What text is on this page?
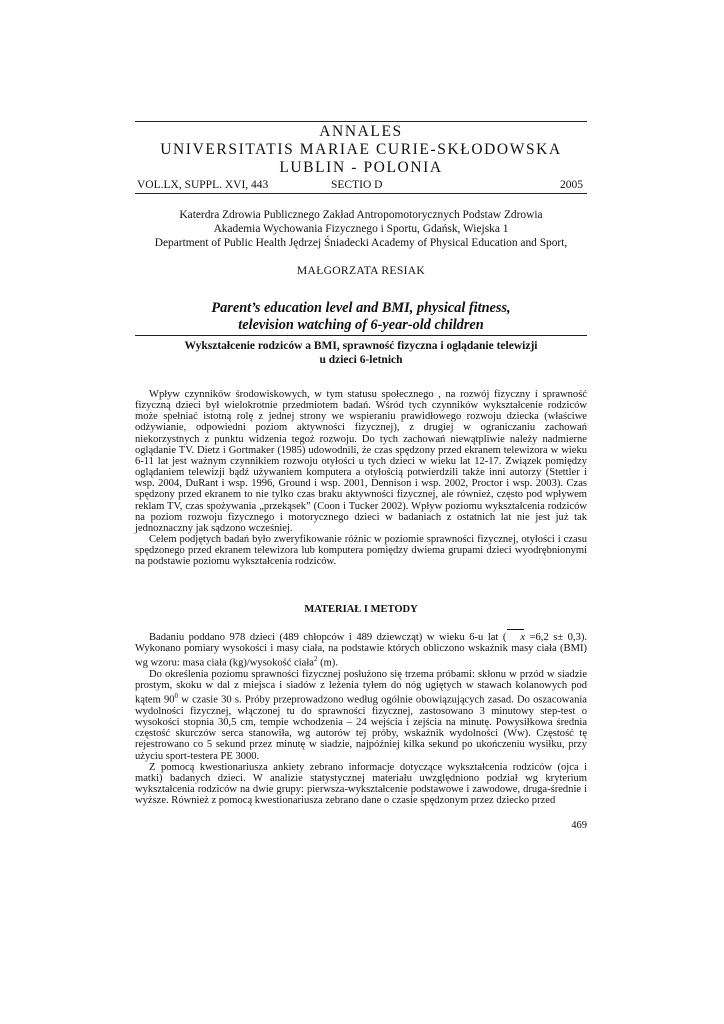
ANNALES
UNIVERSITATIS MARIAE CURIE-SKŁODOWSKA
LUBLIN - POLONIA
VOL.LX, SUPPL. XVI, 443	SECTIO D	2005
Katerdra Zdrowia Publicznego Zakład Antropomotorycznych Podstaw Zdrowia
Akademia Wychowania Fizycznego i Sportu, Gdańsk, Wiejska 1
Department of Public Health Jędrzej Śniadecki Academy of Physical Education and Sport,
MAŁGORZATA RESIAK
Parent’s education level and BMI, physical fitness,
television watching of 6-year-old children
Wykształcenie rodziców a BMI, sprawność fizyczna i oglądanie telewizji
u dzieci 6-letnich

Wpływ czynników środowiskowych, w tym statusu społecznego , na rozwój fizyczny i sprawność fizyczną dzieci był wielokrotnie przedmiotem badań. Wśród tych czynników wykształcenie rodziców może spełniać istotną rolę z jednej strony we wspieraniu prawidłowego rozwoju dziecka (właściwe odżywianie, odpowiedni poziom aktywności fizycznej), z drugiej w ograniczaniu zachowań niekorzystnych z punktu widzenia tegoż rozwoju. Do tych zachowań niewątpliwie należy nadmierne oglądanie TV. Dietz i Gortmaker (1985) udowodnili, że czas spędzony przed ekranem telewizora w wieku 6-11 lat jest ważnym czynnikiem rozwoju otyłości u tych dzieci w wieku lat 12-17. Związek pomiędzy oglądaniem telewizji bądź używaniem komputera a otyłością potwierdzili także inni autorzy (Stettler i wsp. 2004, DuRant i wsp. 1996, Ground i wsp. 2001, Dennison i wsp. 2002, Proctor i wsp. 2003). Czas spędzony przed ekranem to nie tylko czas braku aktywności fizycznej, ale również, często pod wpływem reklam TV, czas spożywania „przekąsek” (Coon i Tucker 2002). Wpływ poziomu wykształcenia rodziców na poziom rozwoju fizycznego i motorycznego dzieci w badaniach z ostatnich lat nie jest już tak jednoznaczny jak sądzono wcześniej.

Celem podjętych badań było zweryfikowanie różnic w poziomie sprawności fizycznej, otyłości i czasu spędzonego przed ekranem telewizora lub komputera pomiędzy dwiema grupami dzieci wyodrębnionymi na podstawie poziomu wykształcenia rodziców.

MATERIAŁ I METODY

Badaniu poddano 978 dzieci (489 chłopców i 489 dziewcząt) w wieku 6-u lat ( x =6,2 s± 0,3). Wykonano pomiary wysokości i masy ciała, na podstawie których obliczono wskaźnik masy ciała (BMI) wg wzoru: masa ciała (kg)/wysokość ciała$^2$ (m).

Do określenia poziomu sprawności fizycznej posłużono się trzema próbami: skłonu w przód w siadzie prostym, skoku w dal z miejsca i siadów z leżenia tyłem do nóg ugiętych w stawach kolanowych pod kątem $90^0$ w czasie 30 s. Próby przeprowadzono według ogólnie obowiązujących zasad. Do oszacowania wydolności fizycznej, włączonej tu do sprawności fizycznej, zastosowano 3 minutowy step-test o wysokości stopnia 30,5 cm, tempie wchodzenia – 24 wejścia i zejścia na minutę. Powysiłkowa średnia częstość skurczów serca stanowiła, wg autorów tej próby, wskaźnik wydolności (Ww). Częstość tę rejestrowano co 5 sekund przez minutę w siadzie, najpóźniej kilka sekund po ukończeniu wysiłku, przy użyciu sport-testera PE 3000.

Z pomocą kwestionariusza ankiety zebrano informacje dotyczące wykształcenia rodziców (ojca i matki) badanych dzieci. W analizie statystycznej materiału uwzględniono podział wg kryterium wykształcenia rodziców na dwie grupy: pierwsza-wykształcenie podstawowe i zawodowe, druga-średnie i wyższe. Również z pomocą kwestionariusza zebrano dane o czasie spędzonym przez dziecko przed

469
